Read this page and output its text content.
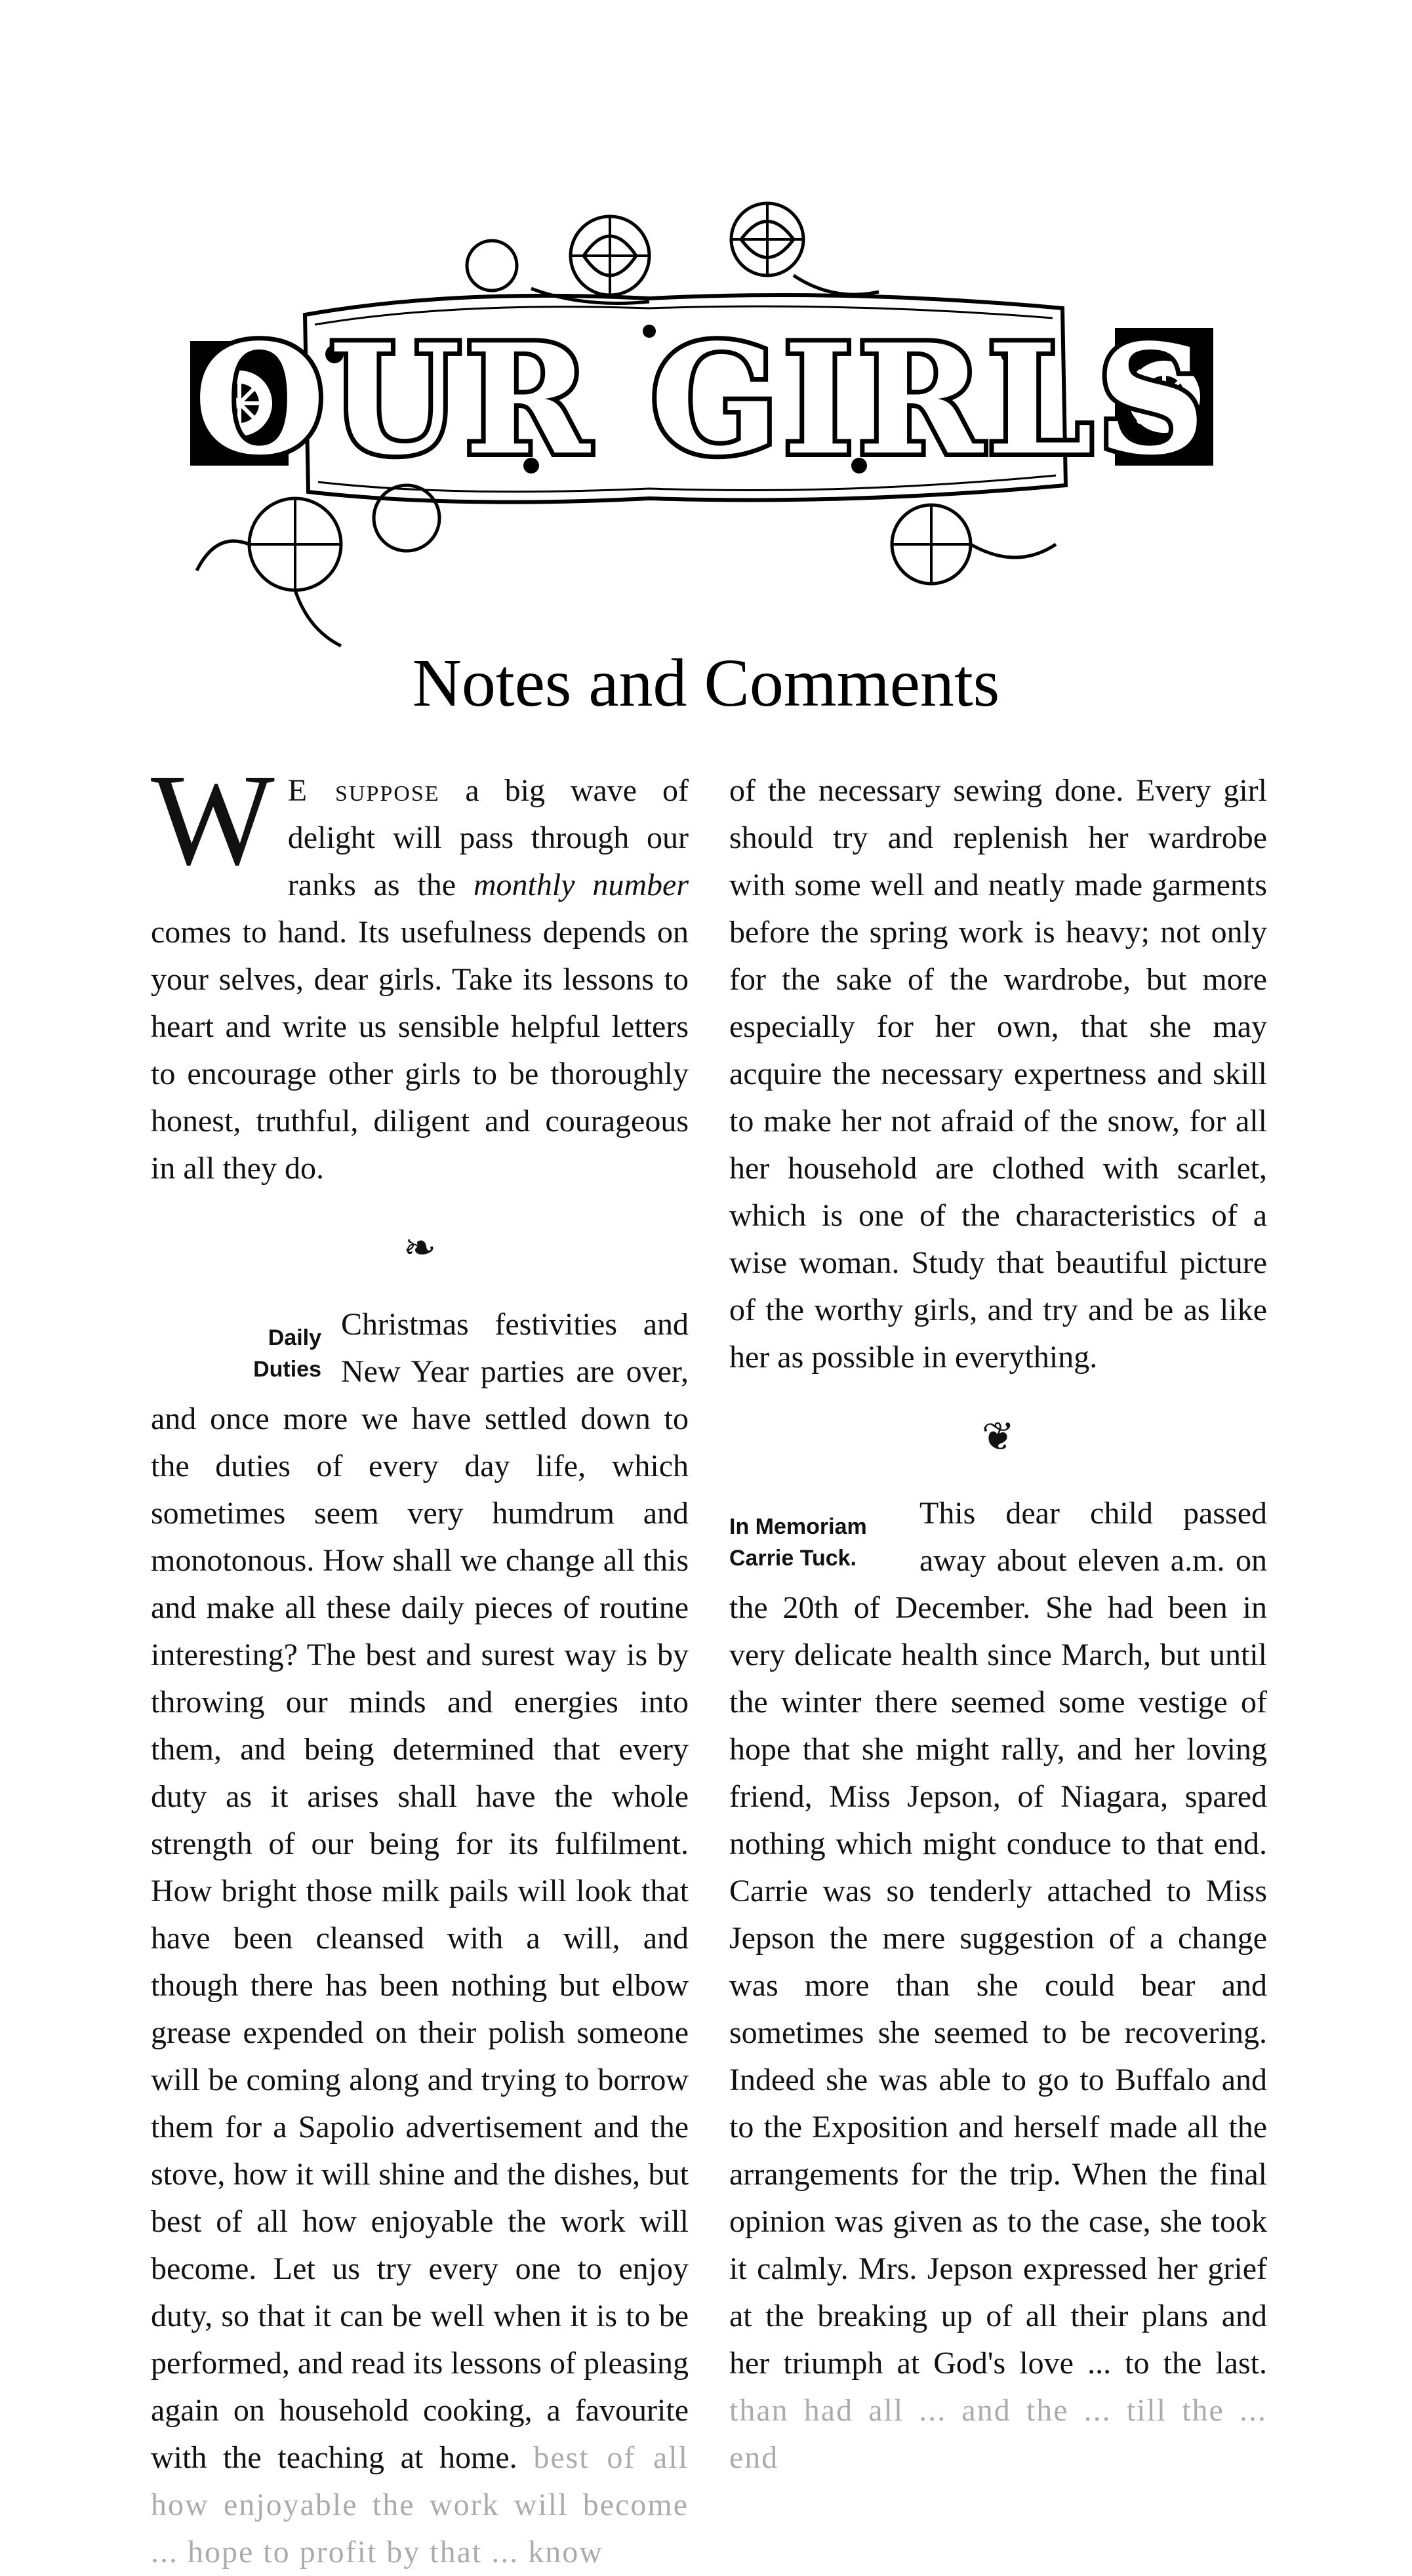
OUR GIRLS
Notes and Comments

W E suppose a big wave of delight will pass through our ranks as the monthly number comes to hand. Its usefulness depends on your selves, dear girls. Take its lessons to heart and write us sensible helpful letters to encourage other girls to be thoroughly honest, truthful, diligent and courageous in all they do.

❧

Daily
Duties
Christmas festivities and New Year parties are over, and once more we have settled down to the duties of every day life, which sometimes seem very humdrum and monotonous. How shall we change all this and make all these daily pieces of routine interesting? The best and surest way is by throwing our minds and energies into them, and being determined that every duty as it arises shall have the whole strength of our being for its fulfilment. How bright those milk pails will look that have been cleansed with a will, and though there has been nothing but elbow grease expended on their polish someone will be coming along and trying to borrow them for a Sapolio advertisement and the stove, how it will shine and the dishes, but best of all how enjoyable the work will become. Let us try every one to enjoy duty, so that it can be well when it is to be performed, and read its lessons of pleasing again on household cooking, a favourite with the teaching at home. best of all how enjoyable the work will become ... hope to profit by that ... know

of the necessary sewing done. Every girl should try and replenish her wardrobe with some well and neatly made garments before the spring work is heavy; not only for the sake of the wardrobe, but more especially for her own, that she may acquire the necessary expertness and skill to make her not afraid of the snow, for all her household are clothed with scarlet, which is one of the characteristics of a wise woman. Study that beautiful picture of the worthy girls, and try and be as like her as possible in everything.

❦

In Memoriam
Carrie Tuck.
This dear child passed away about eleven a.m. on the 20th of December. She had been in very delicate health since March, but until the winter there seemed some vestige of hope that she might rally, and her loving friend, Miss Jepson, of Niagara, spared nothing which might conduce to that end. Carrie was so tenderly attached to Miss Jepson the mere suggestion of a change was more than she could bear and sometimes she seemed to be recovering. Indeed she was able to go to Buffalo and to the Exposition and herself made all the arrangements for the trip. When the final opinion was given as to the case, she took it calmly. Mrs. Jepson expressed her grief at the breaking up of all their plans and her triumph at God's love ... to the last. than had all ... and the ... till the ... end
